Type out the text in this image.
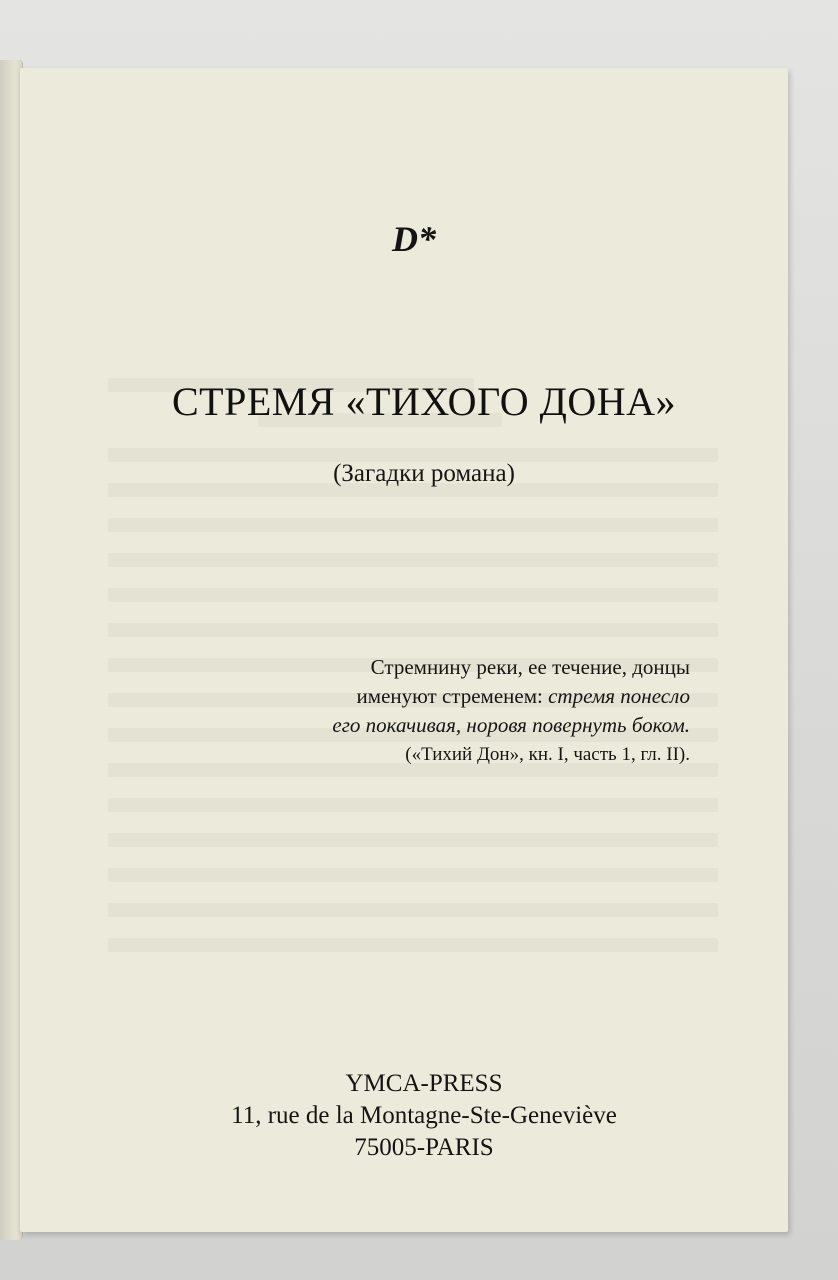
D*
СТРЕМЯ «ТИХОГО ДОНА»
(Загадки романа)
Стремнину реки, ее течение, донцы
именуют стременем: стремя понесло
его покачивая, норовя повернуть боком.
(«Тихий Дон», кн. I, часть 1, гл. II).
YMCA-PRESS
11, rue de la Montagne-Ste-Geneviève
75005-PARIS
